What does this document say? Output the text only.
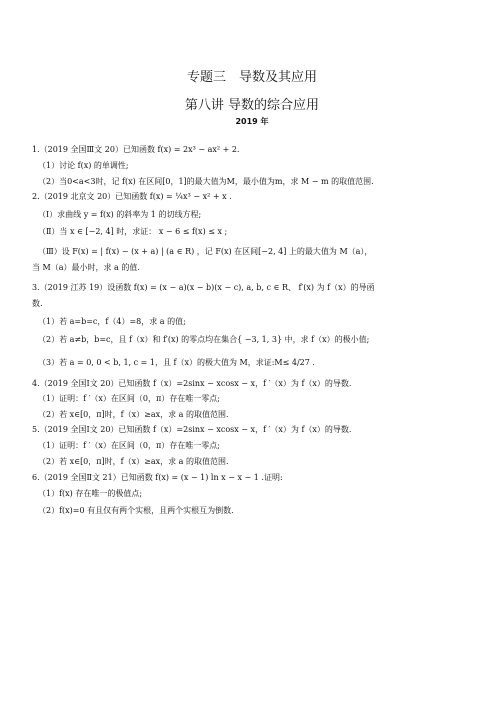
专题三　导数及其应用
第八讲 导数的综合应用
2019 年
1.（2019 全国Ⅲ文 20）已知函数 f(x) = 2x³ − ax² + 2.
（1）讨论 f(x) 的单调性;
（2）当0<a<3时，记 f(x) 在区间[0，1]的最大值为M，最小值为m，求 M − m 的取值范围.
2.（2019 北京文 20）已知函数 f(x) = ¼x³ − x² + x .
（Ⅰ）求曲线 y = f(x) 的斜率为 1 的切线方程;
（Ⅱ）当 x ∈ [−2, 4] 时，求证： x − 6 ≤ f(x) ≤ x ;
（Ⅲ）设 F(x) = | f(x) − (x + a) | (a ∈ R) ，记 F(x) 在区间[−2, 4] 上的最大值为 M（a），
当 M（a）最小时，求 a 的值.
3.（2019 江苏 19）设函数 f(x) = (x − a)(x − b)(x − c), a, b, c ∈ R、 f′(x) 为 f（x）的导函
数.
（1）若 a=b=c，f（4）=8，求 a 的值;
（2）若 a≠b，b=c，且 f（x）和 f′(x) 的零点均在集合{ −3, 1, 3} 中，求 f（x）的极小值;
（3）若 a = 0, 0 < b, 1, c = 1，且 f（x）的极大值为 M，求证:M≤ 4/27 .
4.（2019 全国Ⅰ文 20）已知函数 f（x）=2sinx − xcosx − x，f ′（x）为 f（x）的导数.
（1）证明：f ′（x）在区间（0，π）存在唯一零点;
（2）若 x∈[0，π]时，f（x）≥ax，求 a 的取值范围.
5.（2019 全国Ⅰ文 20）已知函数 f（x）=2sinx − xcosx − x，f ′（x）为 f（x）的导数.
（1）证明：f ′（x）在区间（0，π）存在唯一零点;
（2）若 x∈[0，π]时，f（x）≥ax，求 a 的取值范围.
6.（2019 全国Ⅱ文 21）已知函数 f(x) = (x − 1) ln x − x − 1 .证明:
（1）f(x) 存在唯一的极值点;
（2）f(x)=0 有且仅有两个实根，且两个实根互为倒数.
